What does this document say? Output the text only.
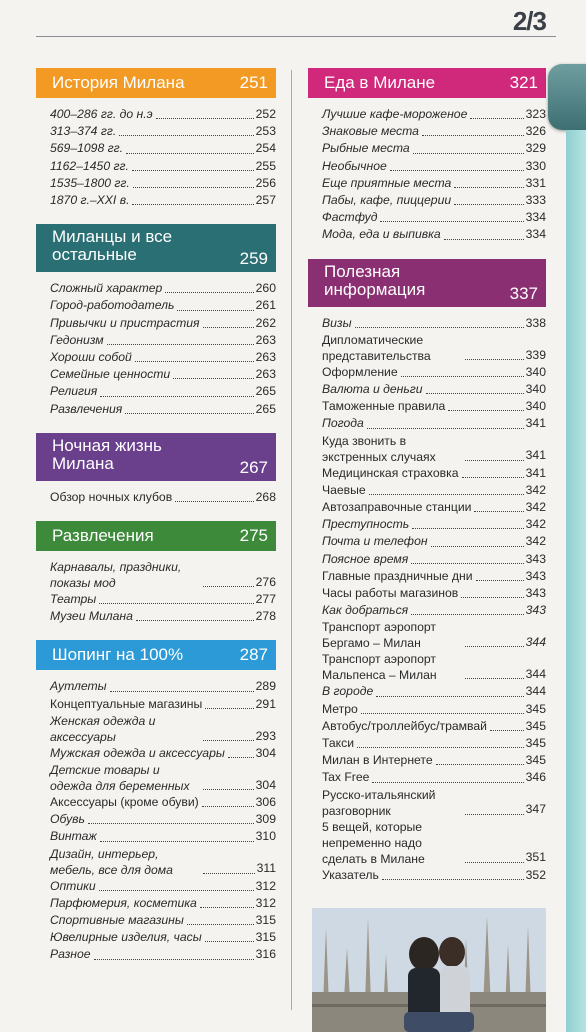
2/3
История Милана	251
400–286 гг. до н.э	252
313–374 гг.	253
569–1098 гг.	254
1162–1450 гг.	255
1535–1800 гг.	256
1870 г.–XXI в.	257
Миланцы и все остальные	259
Сложный характер	260
Город-работодатель	261
Привычки и пристрастия	262
Гедонизм	263
Хороши собой	263
Семейные ценности	263
Религия	265
Развлечения	265
Ночная жизнь Милана	267
Обзор ночных клубов	268
Развлечения	275
Карнавалы, праздники, показы мод	276
Театры	277
Музеи Милана	278
Шопинг на 100%	287
Аутлеты	289
Концептуальные магазины	291
Женская одежда и аксессуары	293
Мужская одежда и аксессуары	304
Детские товары и одежда для беременных	304
Аксессуары (кроме обуви)	306
Обувь	309
Винтаж	310
Дизайн, интерьер, мебель, все для дома	311
Оптики	312
Парфюмерия, косметика	312
Спортивные магазины	315
Ювелирные изделия, часы	315
Разное	316
Еда в Милане	321
Лучшие кафе-мороженое	323
Знаковые места	326
Рыбные места	329
Необычное	330
Еще приятные места	331
Пабы, кафе, пиццерии	333
Фастфуд	334
Мода, еда и выпивка	334
Полезная информация	337
Визы	338
Дипломатические представительства	339
Оформление	340
Валюта и деньги	340
Таможенные правила	340
Погода	341
Куда звонить в экстренных случаях	341
Медицинская страховка	341
Чаевые	342
Автозаправочные станции	342
Преступность	342
Почта и телефон	342
Поясное время	343
Главные праздничные дни	343
Часы работы магазинов	343
Как добраться	343
Транспорт аэропорт Бергамо – Милан	344
Транспорт аэропорт Мальпенса – Милан	344
В городе	344
Метро	345
Автобус/троллейбус/трамвай	345
Такси	345
Милан в Интернете	345
Tax Free	346
Русско-итальянский разговорник	347
5 вещей, которые непременно надо сделать в Милане	351
Указатель	352
